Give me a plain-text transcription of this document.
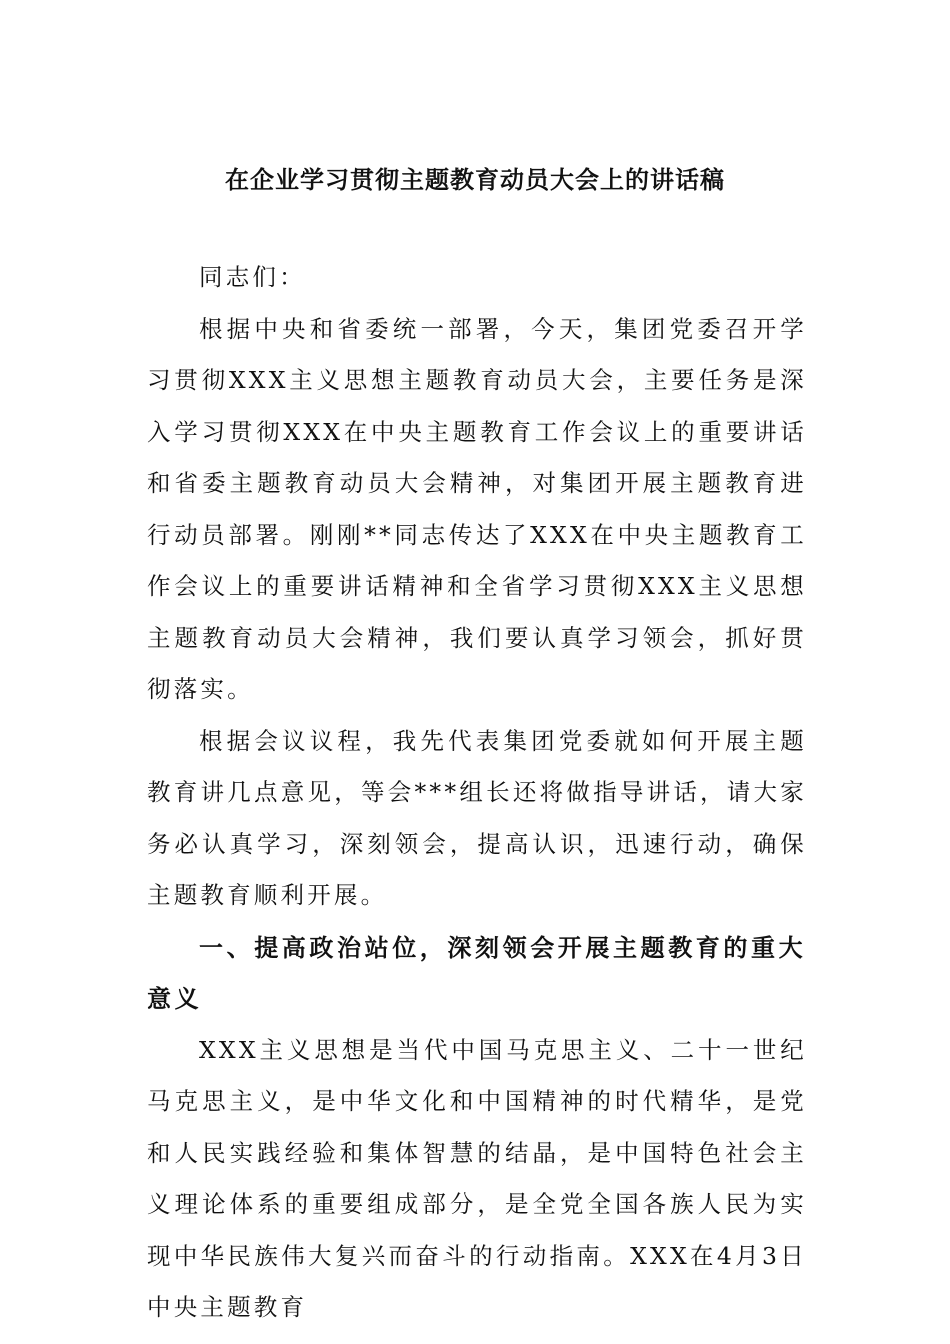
在企业学习贯彻主题教育动员大会上的讲话稿

同志们：

根据中央和省委统一部署，今天，集团党委召开学习贯彻XXX主义思想主题教育动员大会，主要任务是深入学习贯彻XXX在中央主题教育工作会议上的重要讲话和省委主题教育动员大会精神，对集团开展主题教育进行动员部署。刚刚**同志传达了XXX在中央主题教育工作会议上的重要讲话精神和全省学习贯彻XXX主义思想主题教育动员大会精神，我们要认真学习领会，抓好贯彻落实。

根据会议议程，我先代表集团党委就如何开展主题教育讲几点意见，等会***组长还将做指导讲话，请大家务必认真学习，深刻领会，提高认识，迅速行动，确保主题教育顺利开展。

一、提高政治站位，深刻领会开展主题教育的重大意义

XXX主义思想是当代中国马克思主义、二十一世纪马克思主义，是中华文化和中国精神的时代精华，是党和人民实践经验和集体智慧的结晶，是中国特色社会主义理论体系的重要组成部分，是全党全国各族人民为实现中华民族伟大复兴而奋斗的行动指南。XXX在4月3日中央主题教育
